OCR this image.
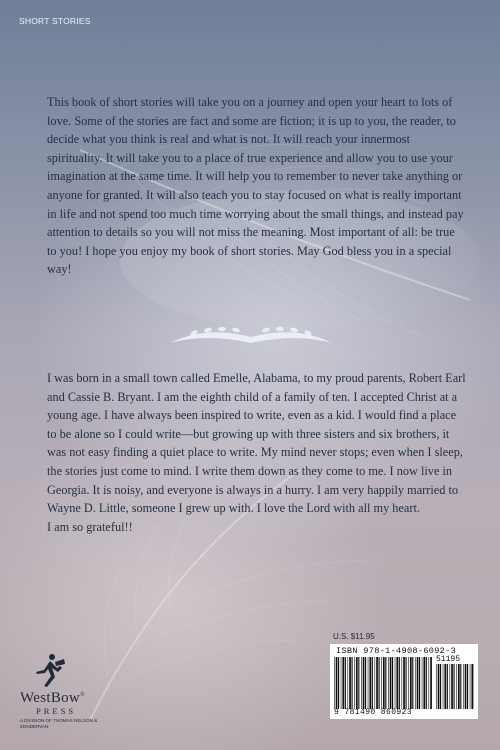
SHORT STORIES

This book of short stories will take you on a journey and open your heart to lots of love. Some of the stories are fact and some are fiction; it is up to you, the reader, to decide what you think is real and what is not. It will reach your innermost spirituality. It will take you to a place of true experience and allow you to use your imagination at the same time. It will help you to remember to never take anything or anyone for granted. It will also teach you to stay focused on what is really important in life and not spend too much time worrying about the small things, and instead pay attention to details so you will not miss the meaning. Most important of all: be true to you! I hope you enjoy my book of short stories. May God bless you in a special way!

I was born in a small town called Emelle, Alabama, to my proud parents, Robert Earl and Cassie B. Bryant. I am the eighth child of a family of ten. I accepted Christ at a young age. I have always been inspired to write, even as a kid. I would find a place to be alone so I could write—but growing up with three sisters and six brothers, it was not easy finding a quiet place to write. My mind never stops; even when I sleep, the stories just come to mind. I write them down as they come to me. I now live in Georgia. It is noisy, and everyone is always in a hurry. I am very happily married to Wayne D. Little, someone I grew up with. I love the Lord with all my heart.

I am so grateful!!

U.S. $11.95
ISBN 978-1-4908-6092-3
51195
9 781490 860923
WestBow®
PRESS
A DIVISION OF THOMAS NELSON & ZONDERVAN
